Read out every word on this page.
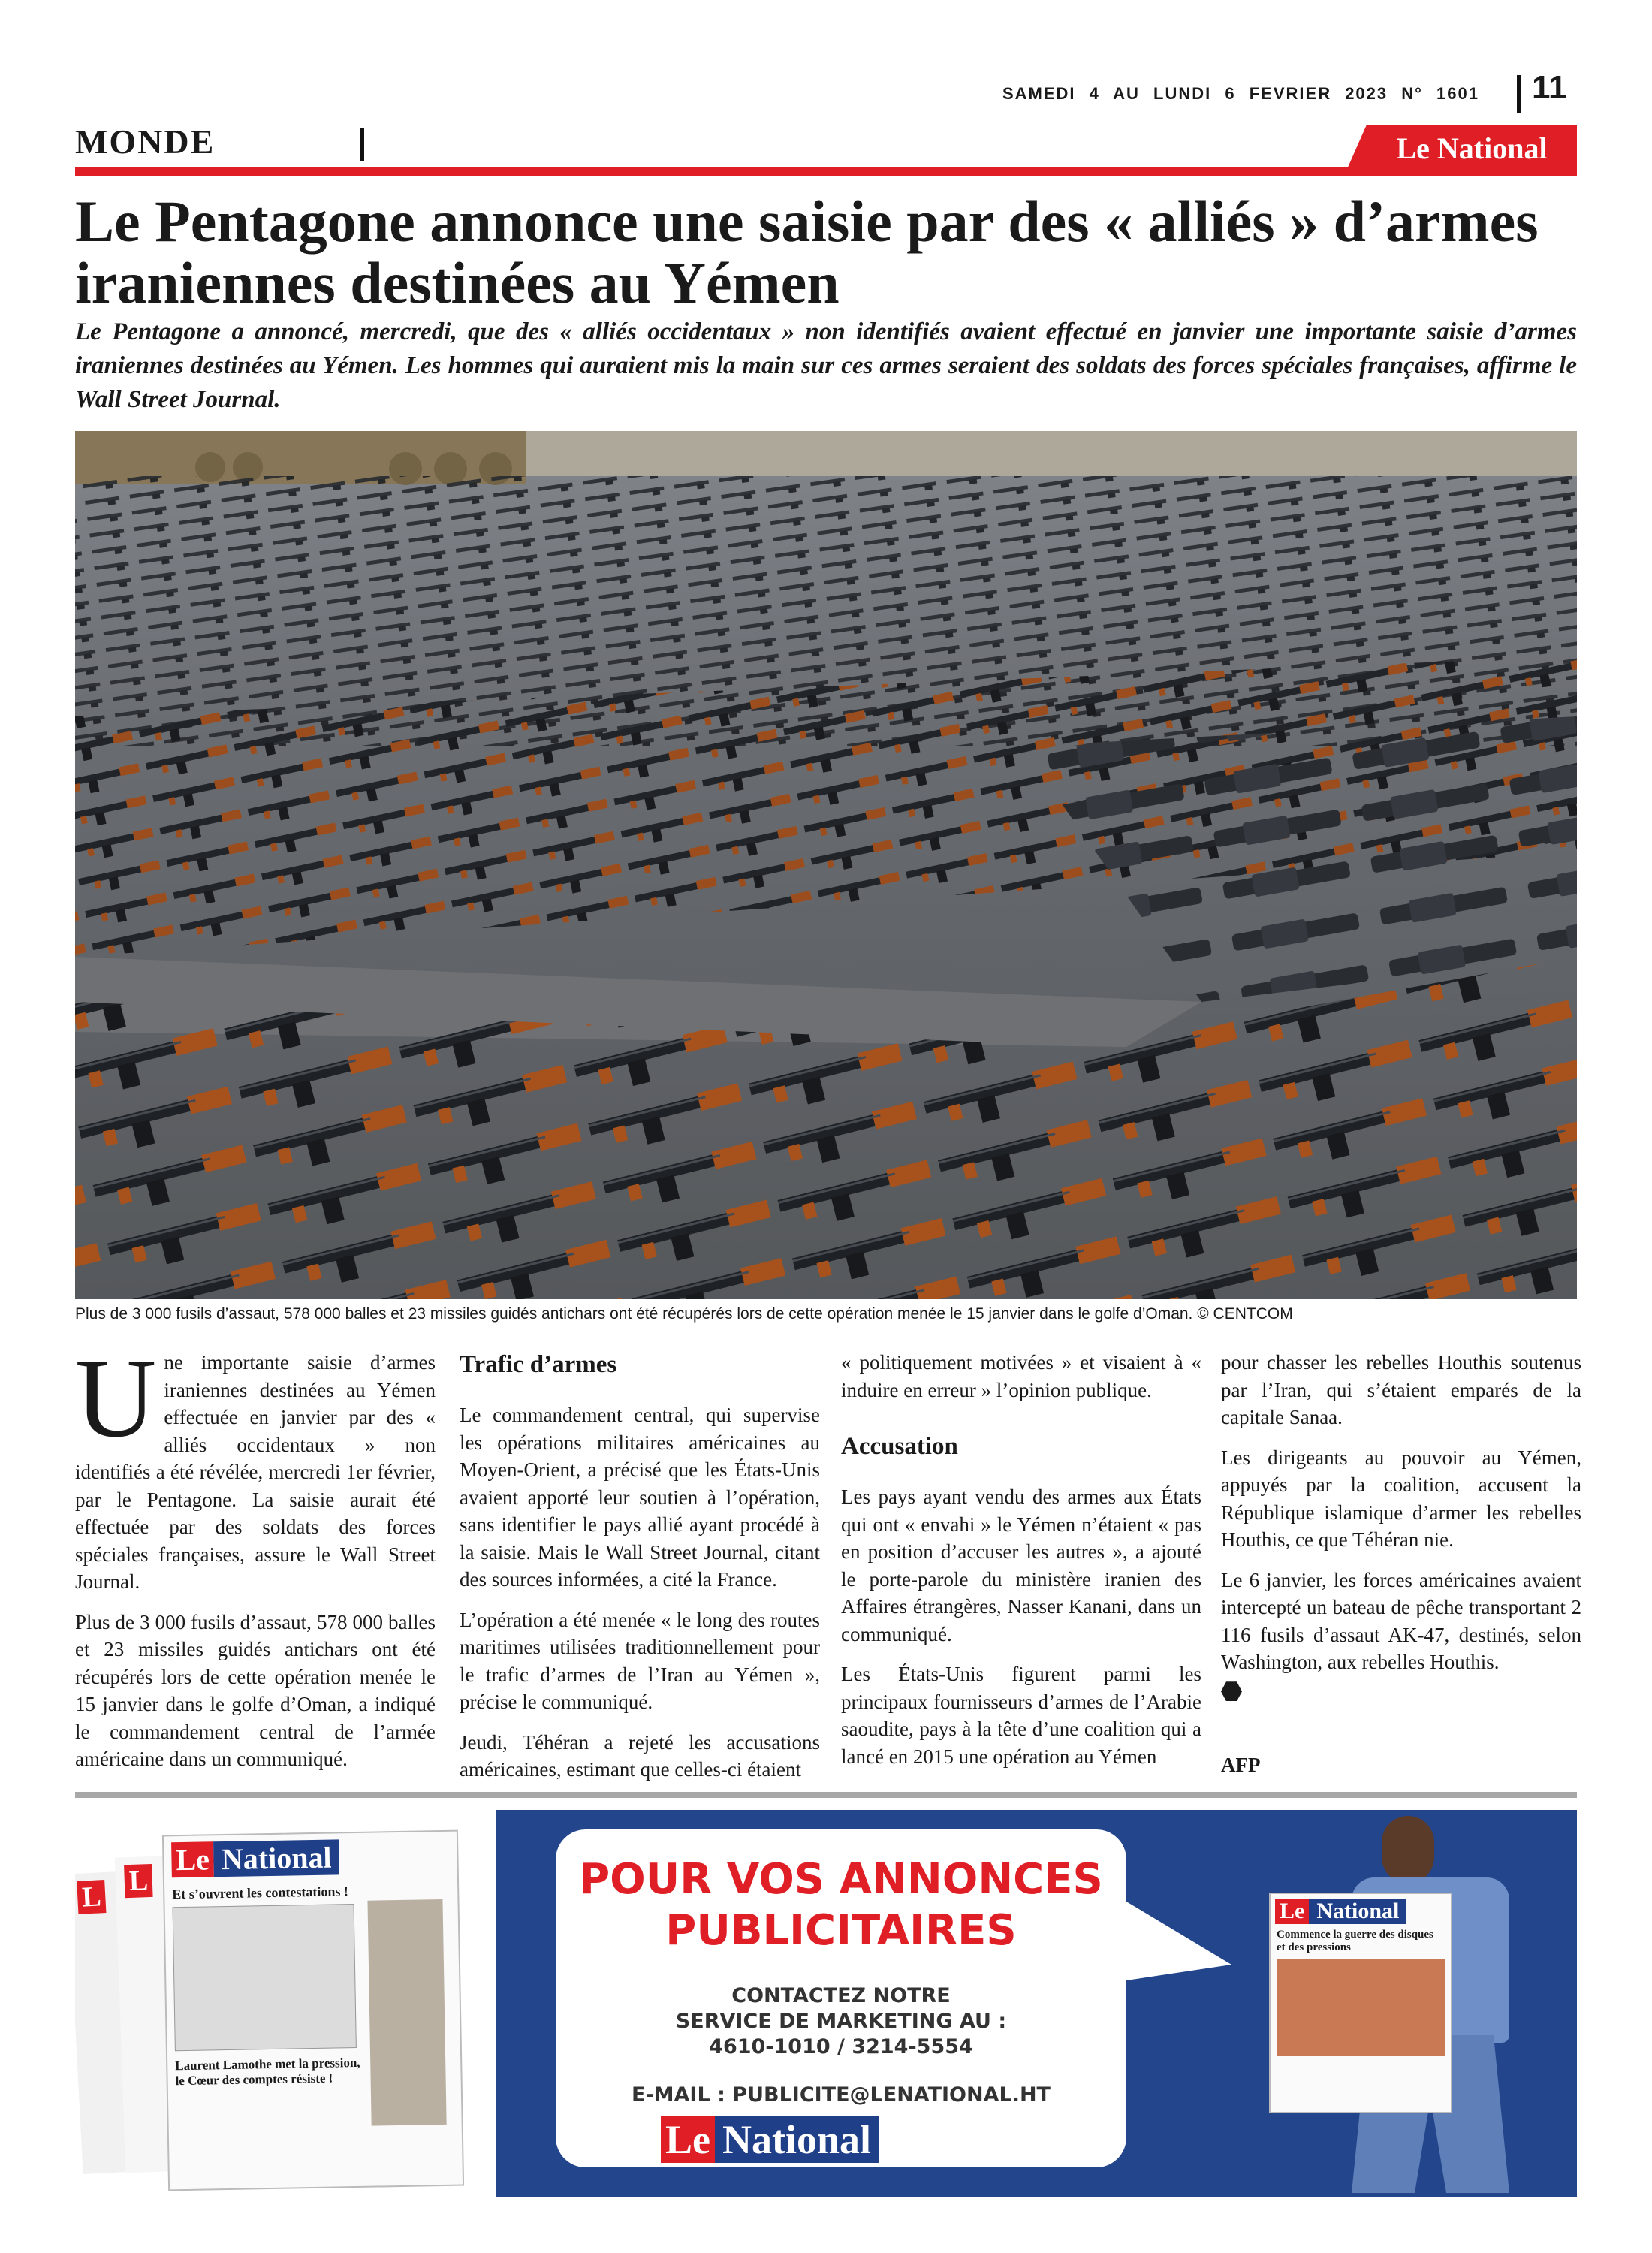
SAMEDI 4 AU LUNDI 6 FEVRIER 2023 N° 1601 11
MONDE	Le National
Le Pentagone annonce une saisie par des « alliés » d’armes iraniennes destinées au Yémen

Le Pentagone a annoncé, mercredi, que des « alliés occidentaux » non identifiés avaient effectué en janvier une importante saisie d’armes iraniennes destinées au Yémen. Les hommes qui auraient mis la main sur ces armes seraient des soldats des forces spéciales françaises, affirme le Wall Street Journal.

Plus de 3 000 fusils d’assaut, 578 000 balles et 23 missiles guidés antichars ont été récupérés lors de cette opération menée le 15 janvier dans le golfe d’Oman. © CENTCOM

Une importante saisie d’armes iraniennes destinées au Yémen effectuée en janvier par des « alliés occidentaux » non identifiés a été révélée, mercredi 1er février, par le Pentagone. La saisie aurait été effectuée par des soldats des forces spéciales françaises, assure le Wall Street Journal.

Plus de 3 000 fusils d’assaut, 578 000 balles et 23 missiles guidés antichars ont été récupérés lors de cette opération menée le 15 janvier dans le golfe d’Oman, a indiqué le commandement central de l’armée américaine dans un communiqué.

Trafic d’armes

Le commandement central, qui supervise les opérations militaires américaines au Moyen-Orient, a précisé que les États-Unis avaient apporté leur soutien à l’opération, sans identifier le pays allié ayant procédé à la saisie. Mais le Wall Street Journal, citant des sources informées, a cité la France.

L’opération a été menée « le long des routes maritimes utilisées traditionnellement pour le trafic d’armes de l’Iran au Yémen », précise le communiqué.

Jeudi, Téhéran a rejeté les accusations américaines, estimant que celles-ci étaient

« politiquement motivées » et visaient à « induire en erreur » l’opinion publique.

Accusation

Les pays ayant vendu des armes aux États qui ont « envahi » le Yémen n’étaient « pas en position d’accuser les autres », a ajouté le porte-parole du ministère iranien des Affaires étrangères, Nasser Kanani, dans un communiqué.

Les États-Unis figurent parmi les principaux fournisseurs d’armes de l’Arabie saoudite, pays à la tête d’une coalition qui a lancé en 2015 une opération au Yémen

pour chasser les rebelles Houthis soutenus par l’Iran, qui s’étaient emparés de la capitale Sanaa.

Les dirigeants au pouvoir au Yémen, appuyés par la coalition, accusent la République islamique d’armer les rebelles Houthis, ce que Téhéran nie.

Le 6 janvier, les forces américaines avaient intercepté un bateau de pêche transportant 2 116 fusils d’assaut AK-47, destinés, selon Washington, aux rebelles Houthis.

AFP
L L
Le National
Et s’ouvrent les contestations !
Laurent Lamothe met la pression, le Cœur des comptes résiste !
POUR VOS ANNONCES
PUBLICITAIRES
CONTACTEZ NOTRE
SERVICE DE MARKETING AU :
4610-1010 / 3214-5554
E-MAIL : PUBLICITE@LENATIONAL.HT
Le National
Le National
Commence la guerre des disques et des pressions
